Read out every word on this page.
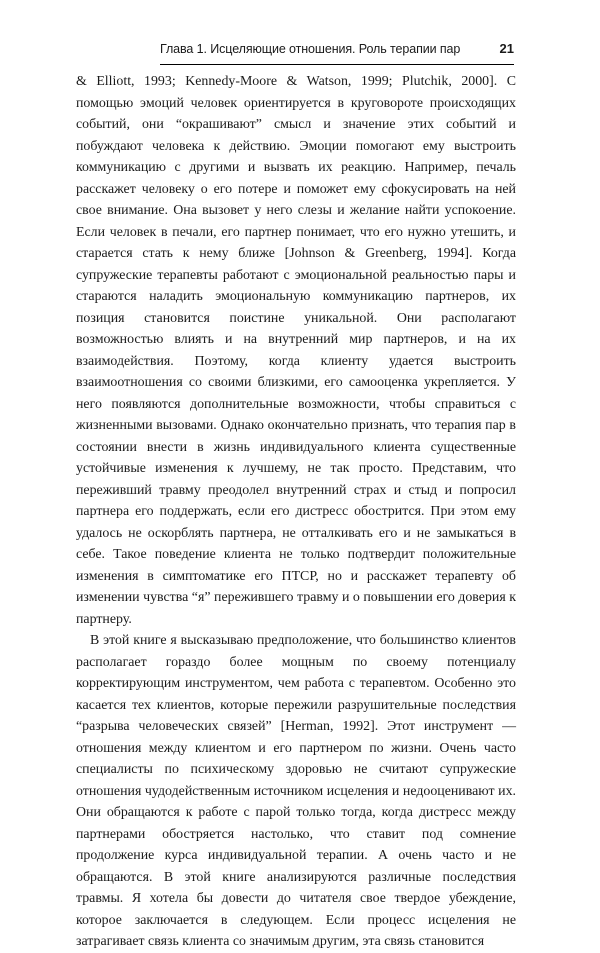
Глава 1. Исцеляющие отношения. Роль терапии пар	21

& Elliott, 1993; Kennedy-Moore & Watson, 1999; Plutchik, 2000]. С помощью эмоций человек ориентируется в круговороте происходящих событий, они “окрашивают” смысл и значение этих событий и побуждают человека к действию. Эмоции помогают ему выстроить коммуникацию с другими и вызвать их реакцию. Например, печаль расскажет человеку о его потере и поможет ему сфокусировать на ней свое внимание. Она вызовет у него слезы и желание найти успокоение. Если человек в печали, его партнер понимает, что его нужно утешить, и старается стать к нему ближе [Johnson & Greenberg, 1994]. Когда супружеские терапевты работают с эмоциональной реальностью пары и стараются наладить эмоциональную коммуникацию партнеров, их позиция становится поистине уникальной. Они располагают возможностью влиять и на внутренний мир партнеров, и на их взаимодействия. Поэтому, когда клиенту удается выстроить взаимоотношения со своими близкими, его самооценка укрепляется. У него появляются дополнительные возможности, чтобы справиться с жизненными вызовами. Однако окончательно признать, что терапия пар в состоянии внести в жизнь индивидуального клиента существенные устойчивые изменения к лучшему, не так просто. Представим, что переживший травму преодолел внутренний страх и стыд и попросил партнера его поддержать, если его дистресс обострится. При этом ему удалось не оскорблять партнера, не отталкивать его и не замыкаться в себе. Такое поведение клиента не только подтвердит положительные изменения в симптоматике его ПТСР, но и расскажет терапевту об изменении чувства “я” пережившего травму и о повышении его доверия к партнеру.

В этой книге я высказываю предположение, что большинство клиентов располагает гораздо более мощным по своему потенциалу корректирующим инструментом, чем работа с терапевтом. Особенно это касается тех клиентов, которые пережили разрушительные последствия “разрыва человеческих связей” [Herman, 1992]. Этот инструмент — отношения между клиентом и его партнером по жизни. Очень часто специалисты по психическому здоровью не считают супружеские отношения чудодейственным источником исцеления и недооценивают их. Они обращаются к работе с парой только тогда, когда дистресс между партнерами обостряется настолько, что ставит под сомнение продолжение курса индивидуальной терапии. А очень часто и не обращаются. В этой книге анализируются различные последствия травмы. Я хотела бы довести до читателя свое твердое убеждение, которое заключается в следующем. Если процесс исцеления не затрагивает связь клиента со значимым другим, эта связь становится
